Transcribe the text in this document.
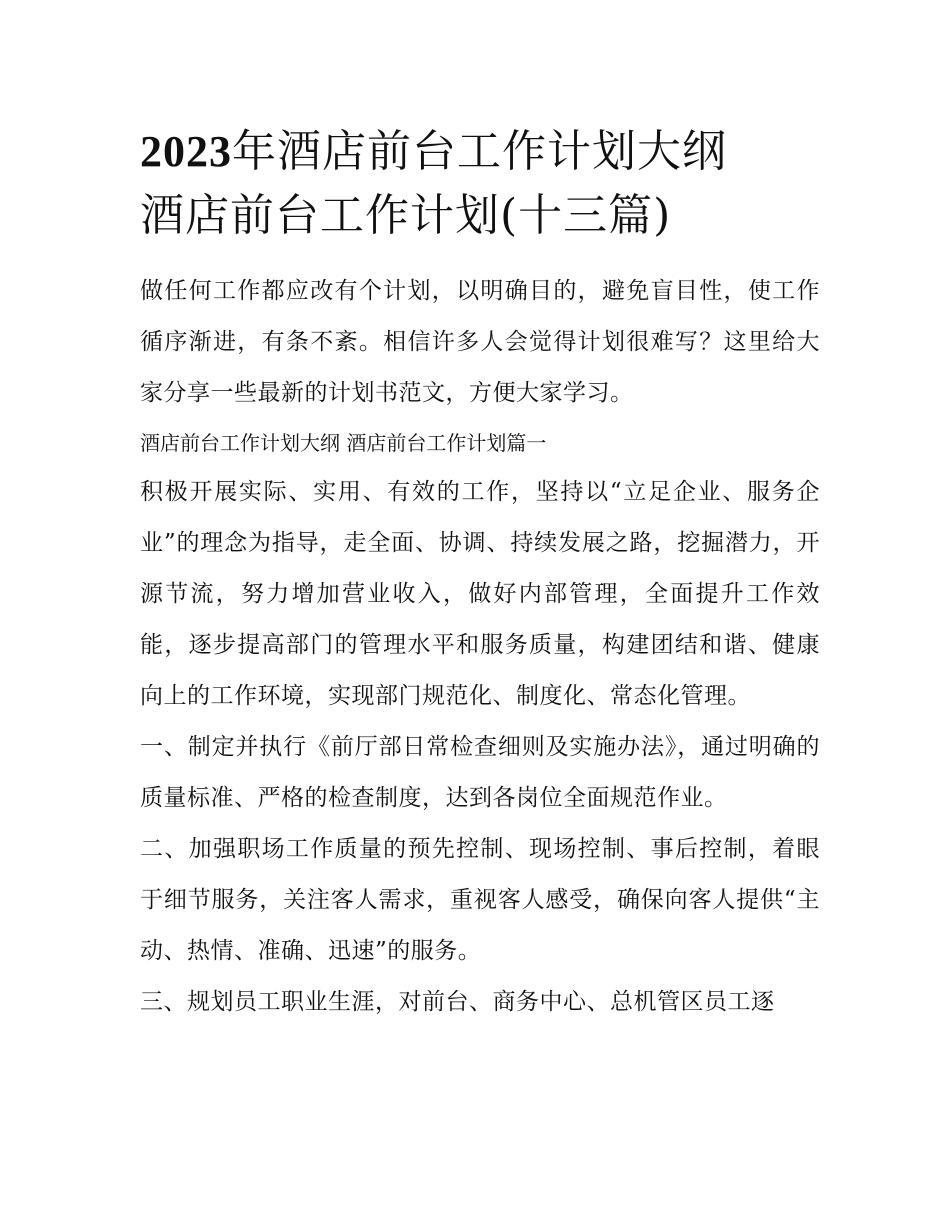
2023年酒店前台工作计划大纲
酒店前台工作计划(十三篇)

做任何工作都应改有个计划，以明确目的，避免盲目性，使工作循序渐进，有条不紊。相信许多人会觉得计划很难写？这里给大家分享一些最新的计划书范文，方便大家学习。

酒店前台工作计划大纲 酒店前台工作计划篇一

积极开展实际、实用、有效的工作，坚持以“立足企业、服务企业”的理念为指导，走全面、协调、持续发展之路，挖掘潜力，开源节流，努力增加营业收入，做好内部管理，全面提升工作效能，逐步提高部门的管理水平和服务质量，构建团结和谐、健康向上的工作环境，实现部门规范化、制度化、常态化管理。

一、制定并执行《前厅部日常检查细则及实施办法》，通过明确的质量标准、严格的检查制度，达到各岗位全面规范作业。

二、加强职场工作质量的预先控制、现场控制、事后控制，着眼于细节服务，关注客人需求，重视客人感受，确保向客人提供“主动、热情、准确、迅速”的服务。

三、规划员工职业生涯，对前台、商务中心、总机管区员工逐
